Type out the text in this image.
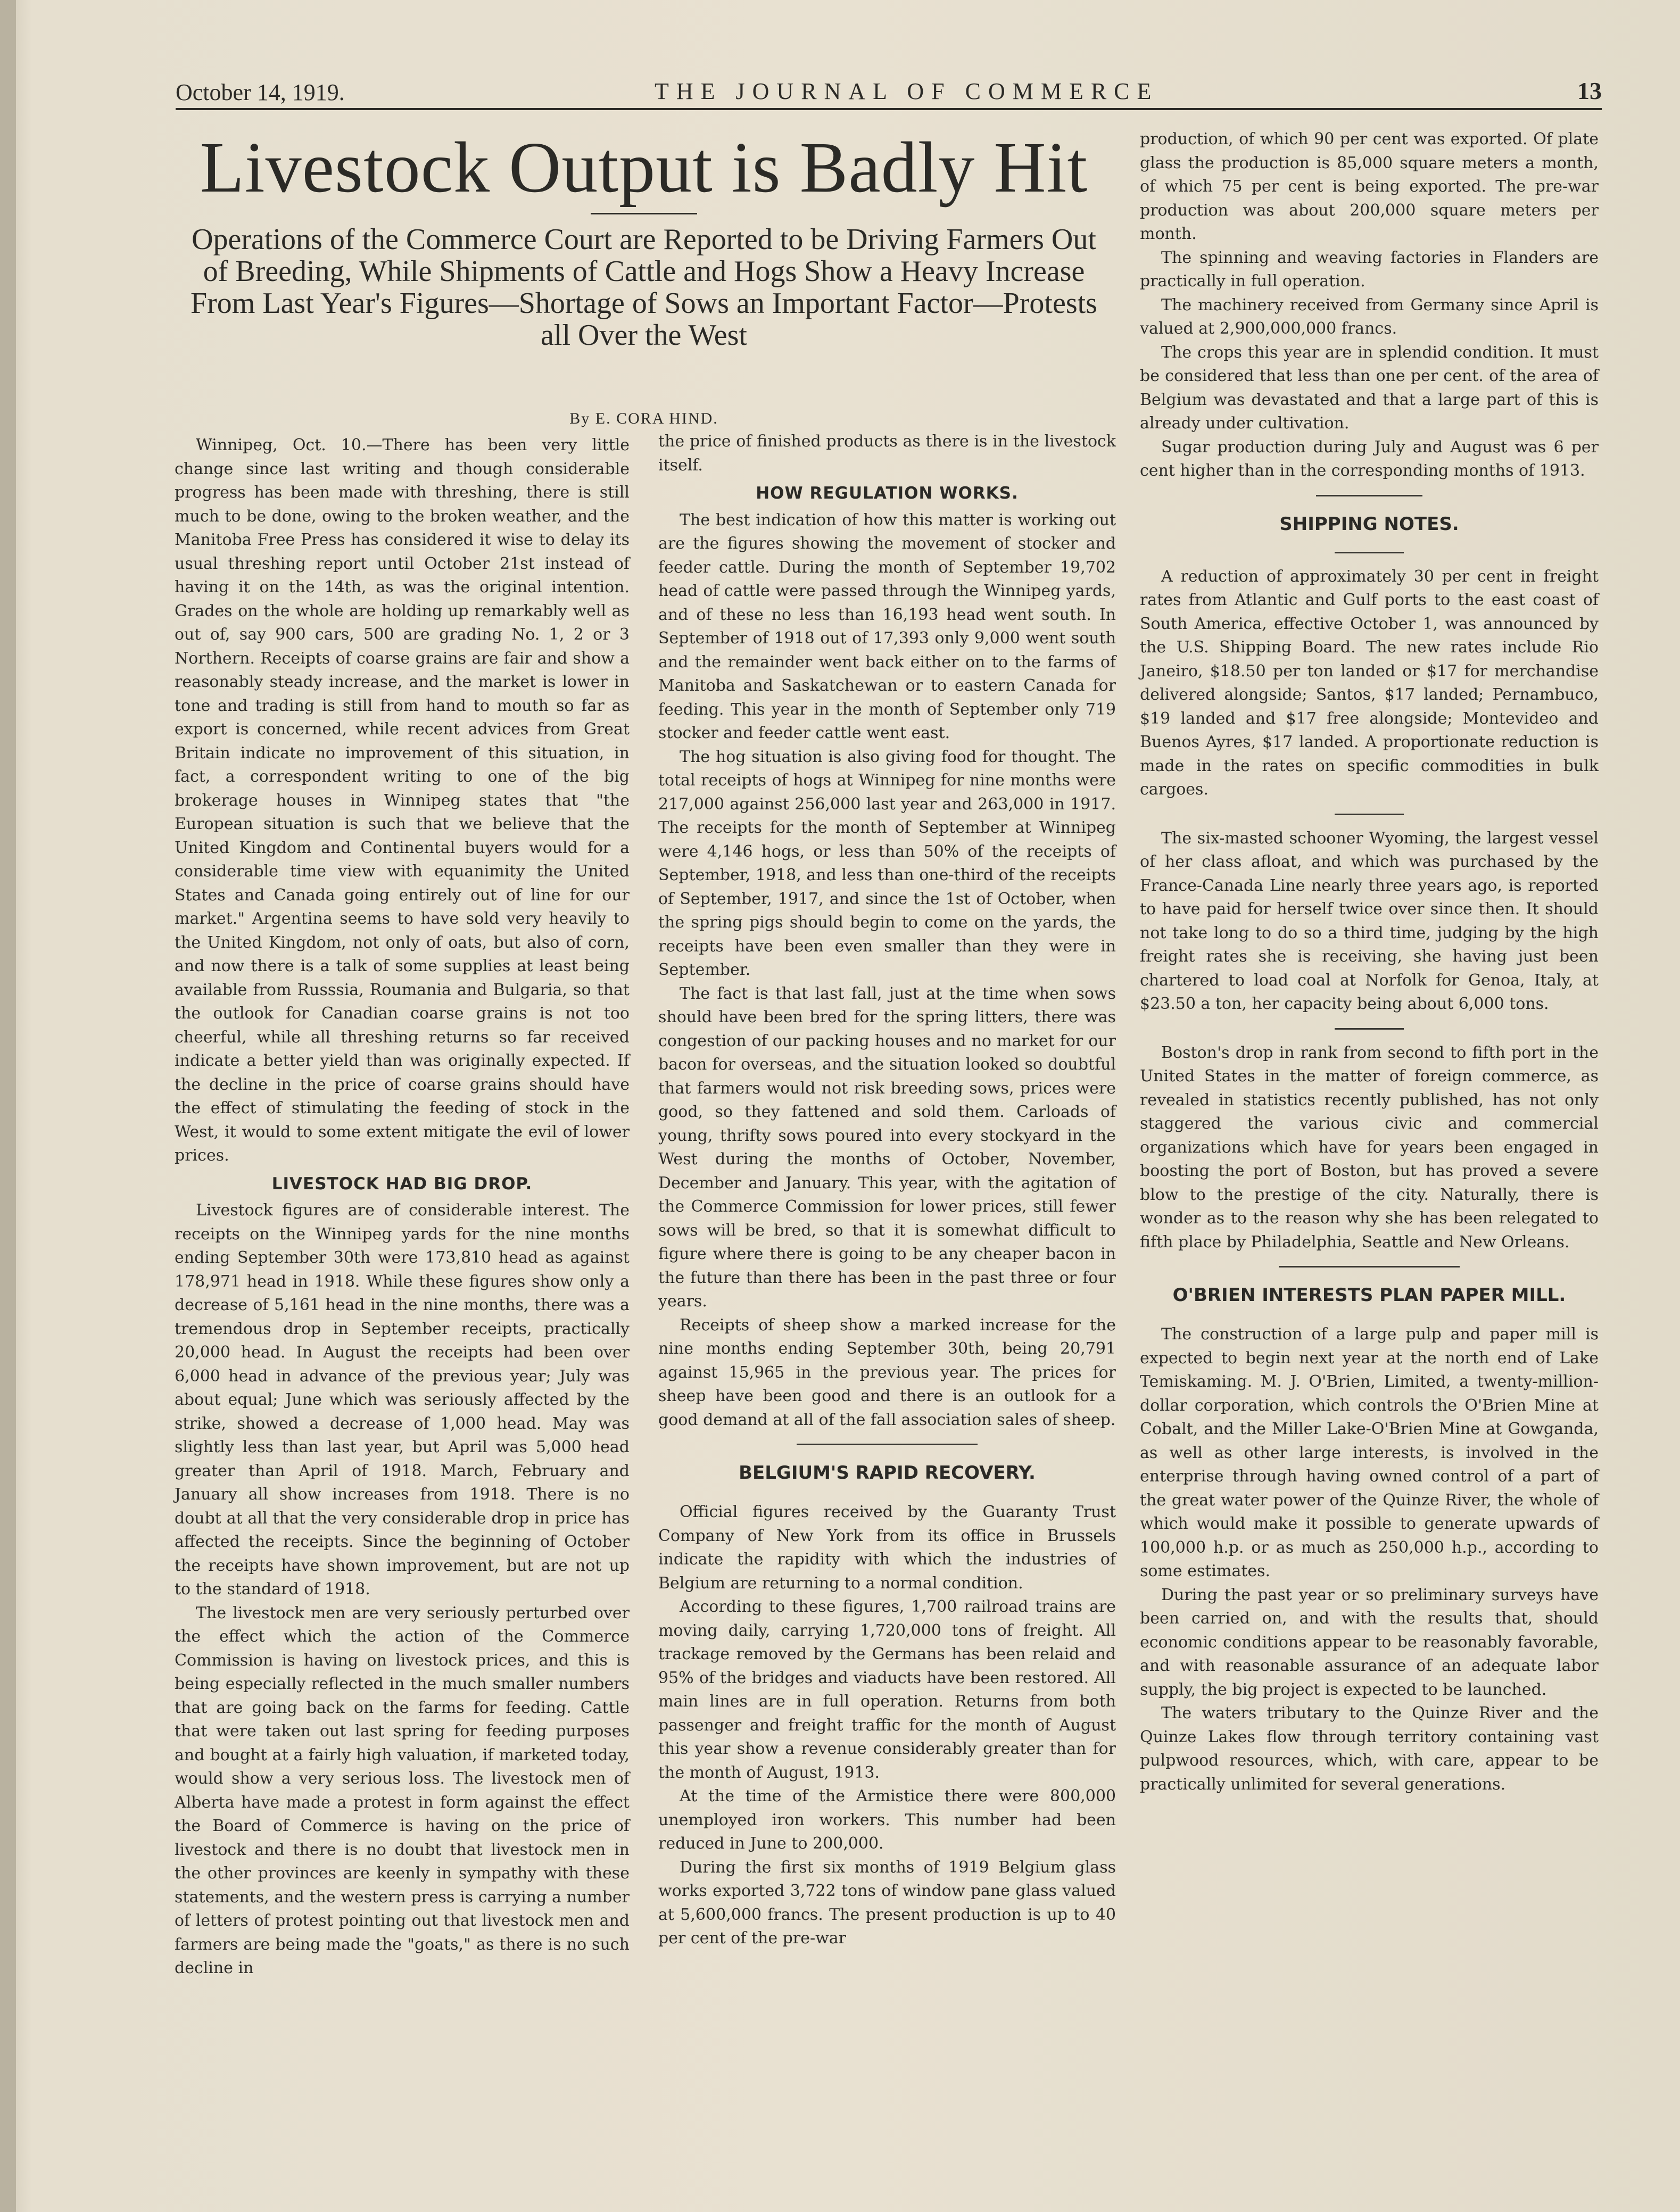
October 14, 1919.	THE JOURNAL OF COMMERCE	13
Livestock Output is Badly Hit
Operations of the Commerce Court are Reported to be Driving Farmers Out of Breeding, While Shipments of Cattle and Hogs Show a Heavy Increase From Last Year's Figures—Shortage of Sows an Important Factor—Protests all Over the West
By E. CORA HIND.

Winnipeg, Oct. 10.—There has been very little change since last writing and though considerable progress has been made with threshing, there is still much to be done, owing to the broken weather, and the Manitoba Free Press has considered it wise to delay its usual threshing report until October 21st instead of having it on the 14th, as was the original intention. Grades on the whole are holding up remarkably well as out of, say 900 cars, 500 are grading No. 1, 2 or 3 Northern. Receipts of coarse grains are fair and show a reasonably steady increase, and the market is lower in tone and trading is still from hand to mouth so far as export is concerned, while recent advices from Great Britain indicate no improvement of this situation, in fact, a correspondent writing to one of the big brokerage houses in Winnipeg states that "the European situation is such that we believe that the United Kingdom and Continental buyers would for a considerable time view with equanimity the United States and Canada going entirely out of line for our market." Argentina seems to have sold very heavily to the United Kingdom, not only of oats, but also of corn, and now there is a talk of some supplies at least being available from Russsia, Roumania and Bulgaria, so that the outlook for Canadian coarse grains is not too cheerful, while all threshing returns so far received indicate a better yield than was originally expected. If the decline in the price of coarse grains should have the effect of stimulating the feeding of stock in the West, it would to some extent mitigate the evil of lower prices.

LIVESTOCK HAD BIG DROP.

Livestock figures are of considerable interest. The receipts on the Winnipeg yards for the nine months ending September 30th were 173,810 head as against 178,971 head in 1918. While these figures show only a decrease of 5,161 head in the nine months, there was a tremendous drop in September receipts, practically 20,000 head. In August the receipts had been over 6,000 head in advance of the previous year; July was about equal; June which was seriously affected by the strike, showed a decrease of 1,000 head. May was slightly less than last year, but April was 5,000 head greater than April of 1918. March, February and January all show increases from 1918. There is no doubt at all that the very considerable drop in price has affected the receipts. Since the beginning of October the receipts have shown improvement, but are not up to the standard of 1918.

The livestock men are very seriously perturbed over the effect which the action of the Commerce Commission is having on livestock prices, and this is being especially reflected in the much smaller numbers that are going back on the farms for feeding. Cattle that were taken out last spring for feeding purposes and bought at a fairly high valuation, if marketed today, would show a very serious loss. The livestock men of Alberta have made a protest in form against the effect the Board of Commerce is having on the price of livestock and there is no doubt that livestock men in the other provinces are keenly in sympathy with these statements, and the western press is carrying a number of letters of protest pointing out that livestock men and farmers are being made the "goats," as there is no such decline in

the price of finished products as there is in the livestock itself.

HOW REGULATION WORKS.

The best indication of how this matter is working out are the figures showing the movement of stocker and feeder cattle. During the month of September 19,702 head of cattle were passed through the Winnipeg yards, and of these no less than 16,193 head went south. In September of 1918 out of 17,393 only 9,000 went south and the remainder went back either on to the farms of Manitoba and Saskatchewan or to eastern Canada for feeding. This year in the month of September only 719 stocker and feeder cattle went east.

The hog situation is also giving food for thought. The total receipts of hogs at Winnipeg for nine months were 217,000 against 256,000 last year and 263,000 in 1917. The receipts for the month of September at Winnipeg were 4,146 hogs, or less than 50% of the receipts of September, 1918, and less than one-third of the receipts of September, 1917, and since the 1st of October, when the spring pigs should begin to come on the yards, the receipts have been even smaller than they were in September.

The fact is that last fall, just at the time when sows should have been bred for the spring litters, there was congestion of our packing houses and no market for our bacon for overseas, and the situation looked so doubtful that farmers would not risk breeding sows, prices were good, so they fattened and sold them. Carloads of young, thrifty sows poured into every stockyard in the West during the months of October, November, December and January. This year, with the agitation of the Commerce Commission for lower prices, still fewer sows will be bred, so that it is somewhat difficult to figure where there is going to be any cheaper bacon in the future than there has been in the past three or four years.

Receipts of sheep show a marked increase for the nine months ending September 30th, being 20,791 against 15,965 in the previous year. The prices for sheep have been good and there is an outlook for a good demand at all of the fall association sales of sheep.

BELGIUM'S RAPID RECOVERY.

Official figures received by the Guaranty Trust Company of New York from its office in Brussels indicate the rapidity with which the industries of Belgium are returning to a normal condition.

According to these figures, 1,700 railroad trains are moving daily, carrying 1,720,000 tons of freight. All trackage removed by the Germans has been relaid and 95% of the bridges and viaducts have been restored. All main lines are in full operation. Returns from both passenger and freight traffic for the month of August this year show a revenue considerably greater than for the month of August, 1913.

At the time of the Armistice there were 800,000 unemployed iron workers. This number had been reduced in June to 200,000.

During the first six months of 1919 Belgium glass works exported 3,722 tons of window pane glass valued at 5,600,000 francs. The present production is up to 40 per cent of the pre-war

production, of which 90 per cent was exported. Of plate glass the production is 85,000 square meters a month, of which 75 per cent is being exported. The pre-war production was about 200,000 square meters per month.

The spinning and weaving factories in Flanders are practically in full operation.

The machinery received from Germany since April is valued at 2,900,000,000 francs.

The crops this year are in splendid condition. It must be considered that less than one per cent. of the area of Belgium was devastated and that a large part of this is already under cultivation.

Sugar production during July and August was 6 per cent higher than in the corresponding months of 1913.

SHIPPING NOTES.

A reduction of approximately 30 per cent in freight rates from Atlantic and Gulf ports to the east coast of South America, effective October 1, was announced by the U.S. Shipping Board. The new rates include Rio Janeiro, $18.50 per ton landed or $17 for merchandise delivered alongside; Santos, $17 landed; Pernambuco, $19 landed and $17 free alongside; Montevideo and Buenos Ayres, $17 landed. A proportionate reduction is made in the rates on specific commodities in bulk cargoes.

The six-masted schooner Wyoming, the largest vessel of her class afloat, and which was purchased by the France-Canada Line nearly three years ago, is reported to have paid for herself twice over since then. It should not take long to do so a third time, judging by the high freight rates she is receiving, she having just been chartered to load coal at Norfolk for Genoa, Italy, at $23.50 a ton, her capacity being about 6,000 tons.

Boston's drop in rank from second to fifth port in the United States in the matter of foreign commerce, as revealed in statistics recently published, has not only staggered the various civic and commercial organizations which have for years been engaged in boosting the port of Boston, but has proved a severe blow to the prestige of the city. Naturally, there is wonder as to the reason why she has been relegated to fifth place by Philadelphia, Seattle and New Orleans.

O'BRIEN INTERESTS PLAN PAPER MILL.

The construction of a large pulp and paper mill is expected to begin next year at the north end of Lake Temiskaming. M. J. O'Brien, Limited, a twenty-million-dollar corporation, which controls the O'Brien Mine at Cobalt, and the Miller Lake-O'Brien Mine at Gowganda, as well as other large interests, is involved in the enterprise through having owned control of a part of the great water power of the Quinze River, the whole of which would make it possible to generate upwards of 100,000 h.p. or as much as 250,000 h.p., according to some estimates.

During the past year or so preliminary surveys have been carried on, and with the results that, should economic conditions appear to be reasonably favorable, and with reasonable assurance of an adequate labor supply, the big project is expected to be launched.

The waters tributary to the Quinze River and the Quinze Lakes flow through territory containing vast pulpwood resources, which, with care, appear to be practically unlimited for several generations.
